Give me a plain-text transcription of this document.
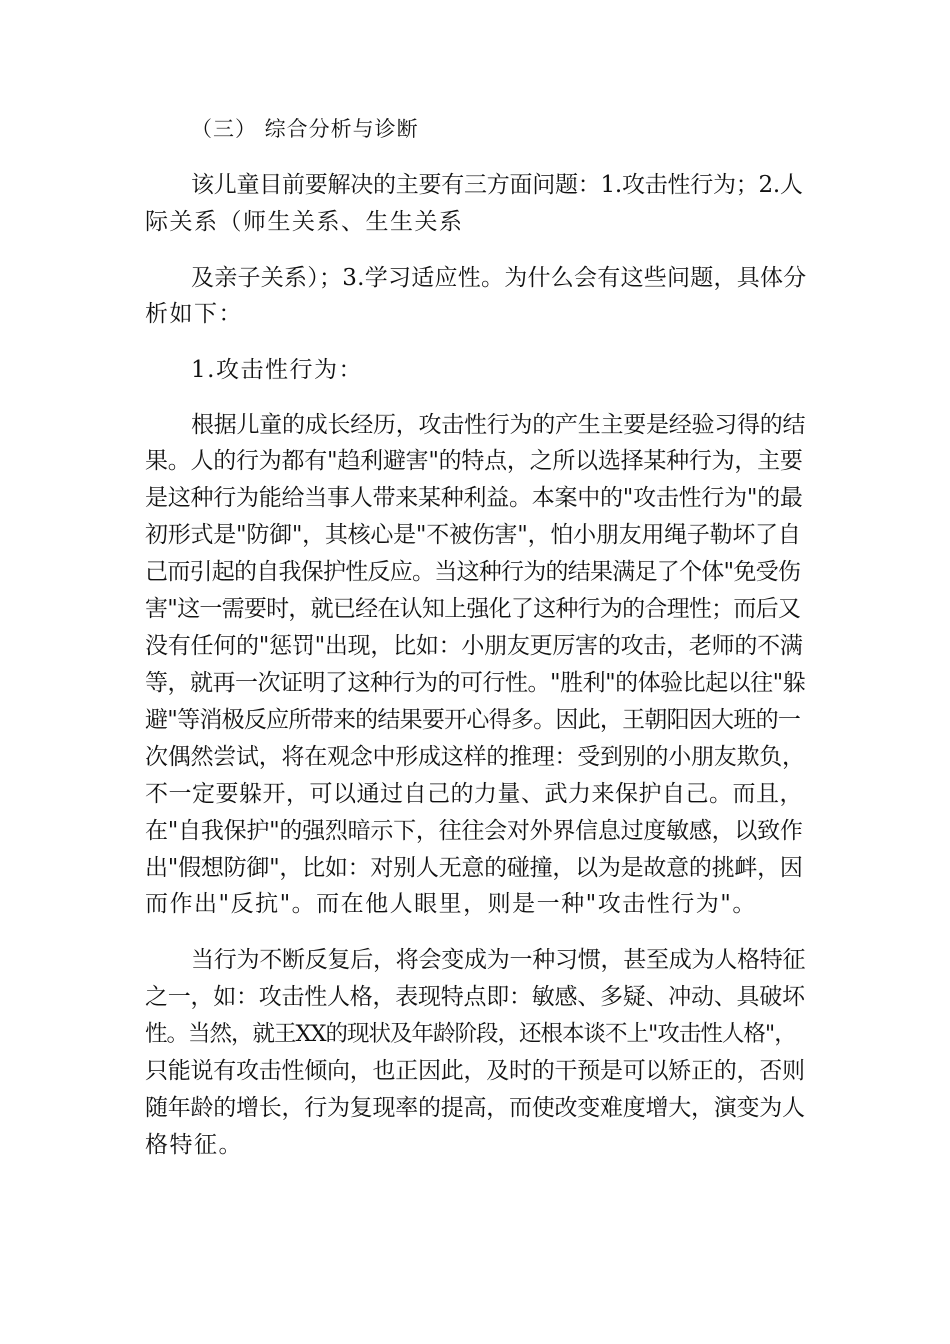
（三） 综合分析与诊断

该儿童目前要解决的主要有三方面问题：1.攻击性行为；2.人

际关系（师生关系、生生关系

及亲子关系）；3.学习适应性。为什么会有这些问题，具体分

析如下：

1.攻击性行为：

根据儿童的成长经历，攻击性行为的产生主要是经验习得的结

果。人的行为都有"趋利避害"的特点，之所以选择某种行为，主要

是这种行为能给当事人带来某种利益。本案中的"攻击性行为"的最

初形式是"防御"，其核心是"不被伤害"，怕小朋友用绳子勒坏了自

己而引起的自我保护性反应。当这种行为的结果满足了个体"免受伤

害"这一需要时，就已经在认知上强化了这种行为的合理性；而后又

没有任何的"惩罚"出现，比如：小朋友更厉害的攻击，老师的不满

等，就再一次证明了这种行为的可行性。"胜利"的体验比起以往"躲

避"等消极反应所带来的结果要开心得多。因此，王朝阳因大班的一

次偶然尝试，将在观念中形成这样的推理：受到别的小朋友欺负，

不一定要躲开，可以通过自己的力量、武力来保护自己。而且，

在"自我保护"的强烈暗示下，往往会对外界信息过度敏感，以致作

出"假想防御"，比如：对别人无意的碰撞，以为是故意的挑衅，因

而作出"反抗"。而在他人眼里，则是一种"攻击性行为"。

当行为不断反复后，将会变成为一种习惯，甚至成为人格特征

之一，如：攻击性人格，表现特点即：敏感、多疑、冲动、具破坏

性。当然，就王XX的现状及年龄阶段，还根本谈不上"攻击性人格"，

只能说有攻击性倾向，也正因此，及时的干预是可以矫正的，否则

随年龄的增长，行为复现率的提高，而使改变难度增大，演变为人

格特征。
